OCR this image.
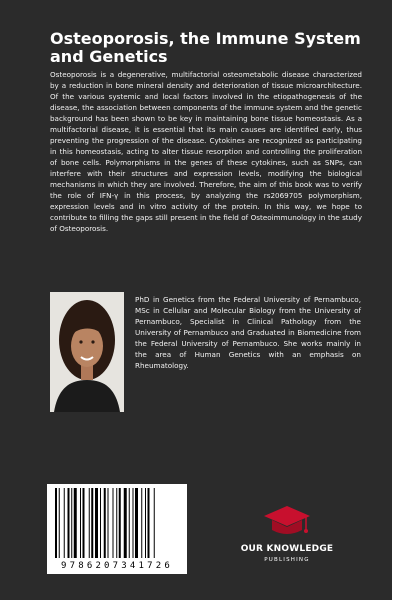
Osteoporosis, the Immune System and Genetics

Osteoporosis is a degenerative, multifactorial osteometabolic disease characterized by a reduction in bone mineral density and deterioration of tissue microarchitecture. Of the various systemic and local factors involved in the etiopathogenesis of the disease, the association between components of the immune system and the genetic background has been shown to be key in maintaining bone tissue homeostasis. As a multifactorial disease, it is essential that its main causes are identified early, thus preventing the progression of the disease. Cytokines are recognized as participating in this homeostasis, acting to alter tissue resorption and controlling the proliferation of bone cells. Polymorphisms in the genes of these cytokines, such as SNPs, can interfere with their structures and expression levels, modifying the biological mechanisms in which they are involved. Therefore, the aim of this book was to verify the role of IFN-γ in this process, by analyzing the rs2069705 polymorphism, expression levels and in vitro activity of the protein. In this way, we hope to contribute to filling the gaps still present in the field of Osteoimmunology in the study of Osteoporosis.

PhD in Genetics from the Federal University of Pernambuco, MSc in Cellular and Molecular Biology from the University of Pernambuco, Specialist in Clinical Pathology from the University of Pernambuco and Graduated in Biomedicine from the Federal University of Pernambuco. She works mainly in the area of Human Genetics with an emphasis on Rheumatology.

9786207341726
OUR KNOWLEDGE
PUBLISHING
